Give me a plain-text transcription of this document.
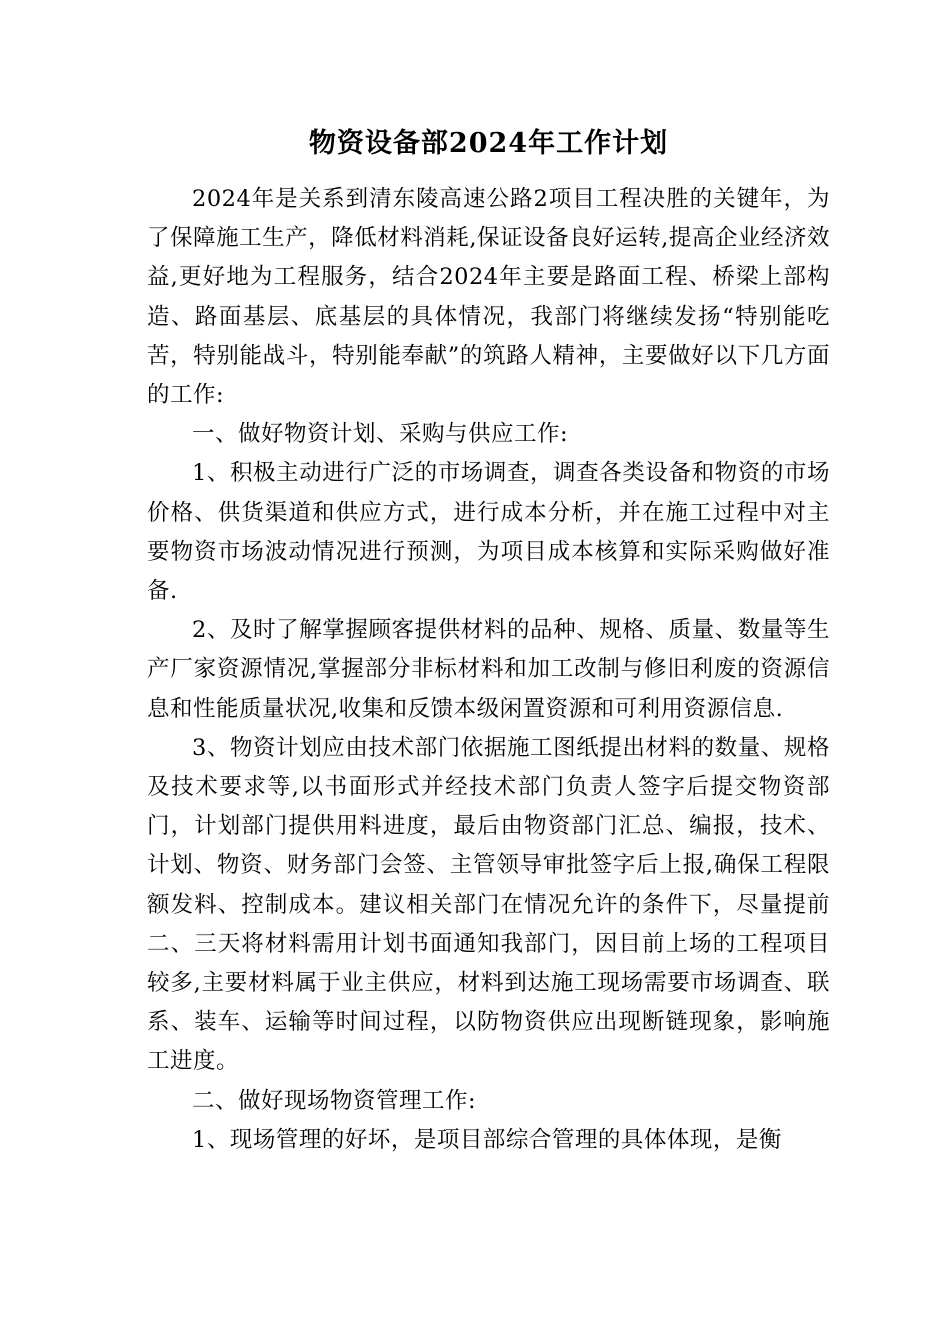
物资设备部2024年工作计划

2024年是关系到清东陵高速公路2项目工程决胜的关键年，为了保障施工生产，降低材料消耗,保证设备良好运转,提高企业经济效益,更好地为工程服务，结合2024年主要是路面工程、桥梁上部构造、路面基层、底基层的具体情况，我部门将继续发扬“特别能吃苦，特别能战斗，特别能奉献”的筑路人精神，主要做好以下几方面的工作:

一、做好物资计划、采购与供应工作:

1、积极主动进行广泛的市场调查，调查各类设备和物资的市场价格、供货渠道和供应方式，进行成本分析，并在施工过程中对主要物资市场波动情况进行预测，为项目成本核算和实际采购做好准备.

2、及时了解掌握顾客提供材料的品种、规格、质量、数量等生产厂家资源情况,掌握部分非标材料和加工改制与修旧利废的资源信息和性能质量状况,收集和反馈本级闲置资源和可利用资源信息.

3、物资计划应由技术部门依据施工图纸提出材料的数量、规格及技术要求等,以书面形式并经技术部门负责人签字后提交物资部门，计划部门提供用料进度，最后由物资部门汇总、编报，技术、计划、物资、财务部门会签、主管领导审批签字后上报,确保工程限额发料、控制成本。建议相关部门在情况允许的条件下，尽量提前二、三天将材料需用计划书面通知我部门，因目前上场的工程项目较多,主要材料属于业主供应，材料到达施工现场需要市场调查、联系、装车、运输等时间过程，以防物资供应出现断链现象，影响施工进度。

二、做好现场物资管理工作:

1、现场管理的好坏，是项目部综合管理的具体体现，是衡
